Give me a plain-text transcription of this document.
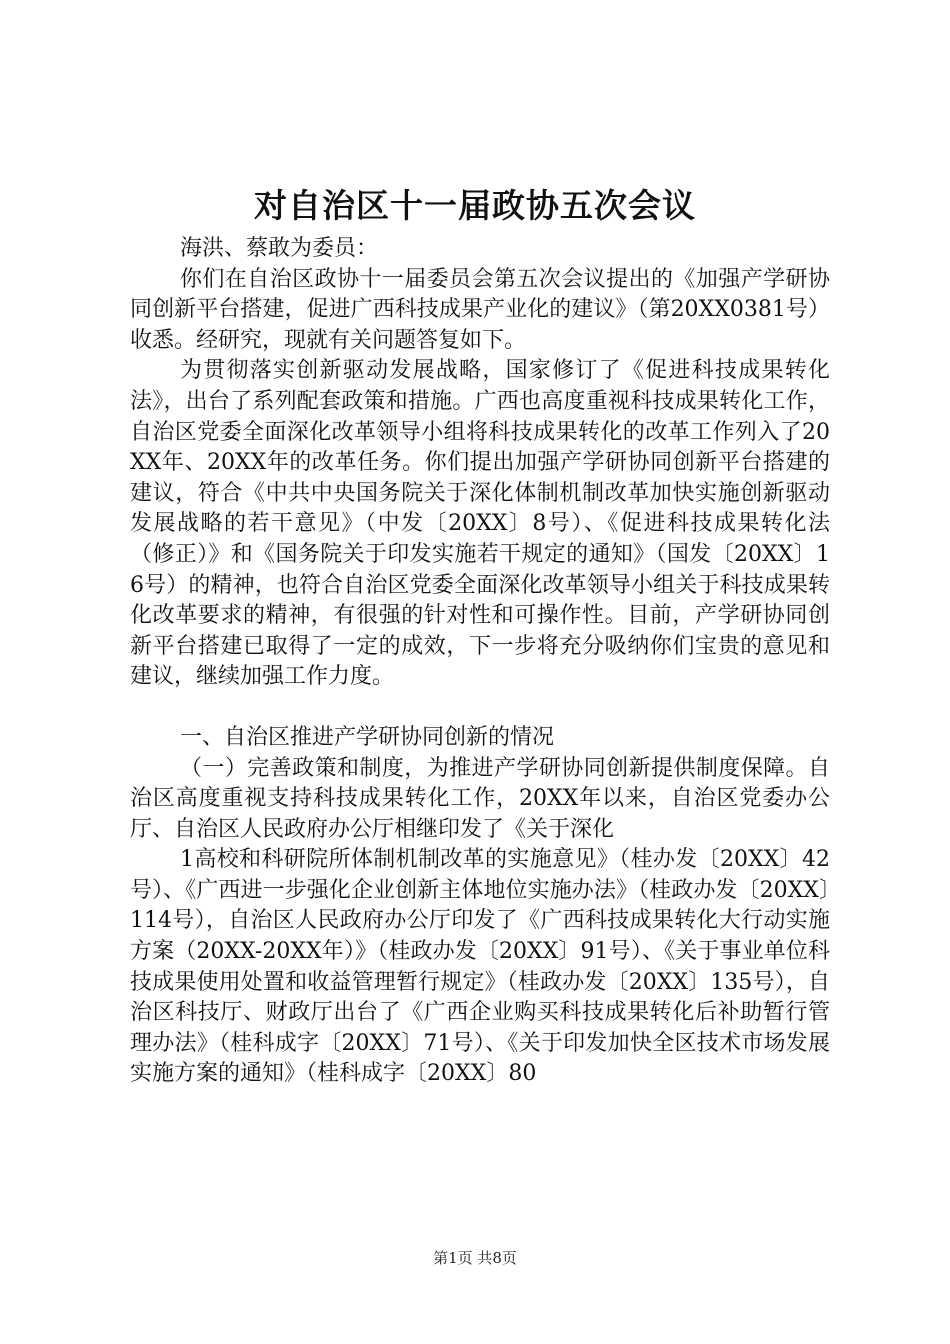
对自治区十一届政协五次会议

海洪、蔡敢为委员：

你们在自治区政协十一届委员会第五次会议提出的《加强产学研协同创新平台搭建，促进广西科技成果产业化的建议》（第20XX0381号）收悉。经研究，现就有关问题答复如下。

为贯彻落实创新驱动发展战略，国家修订了《促进科技成果转化法》，出台了系列配套政策和措施。广西也高度重视科技成果转化工作，自治区党委全面深化改革领导小组将科技成果转化的改革工作列入了20XX年、20XX年的改革任务。你们提出加强产学研协同创新平台搭建的建议，符合《中共中央国务院关于深化体制机制改革加快实施创新驱动发展战略的若干意见》（中发〔20XX〕8号）、《促进科技成果转化法（修正）》和《国务院关于印发实施若干规定的通知》（国发〔20XX〕16号）的精神，也符合自治区党委全面深化改革领导小组关于科技成果转化改革要求的精神，有很强的针对性和可操作性。目前，产学研协同创新平台搭建已取得了一定的成效，下一步将充分吸纳你们宝贵的意见和建议，继续加强工作力度。

一、自治区推进产学研协同创新的情况

（一）完善政策和制度，为推进产学研协同创新提供制度保障。自治区高度重视支持科技成果转化工作，20XX年以来，自治区党委办公厅、自治区人民政府办公厅相继印发了《关于深化

1高校和科研院所体制机制改革的实施意见》（桂办发〔20XX〕42号）、《广西进一步强化企业创新主体地位实施办法》（桂政办发〔20XX〕114号），自治区人民政府办公厅印发了《广西科技成果转化大行动实施方案（20XX-20XX年）》（桂政办发〔20XX〕91号）、《关于事业单位科技成果使用处置和收益管理暂行规定》（桂政办发〔20XX〕135号），自治区科技厅、财政厅出台了《广西企业购买科技成果转化后补助暂行管理办法》（桂科成字〔20XX〕71号）、《关于印发加快全区技术市场发展实施方案的通知》（桂科成字〔20XX〕80

第1页 共8页
